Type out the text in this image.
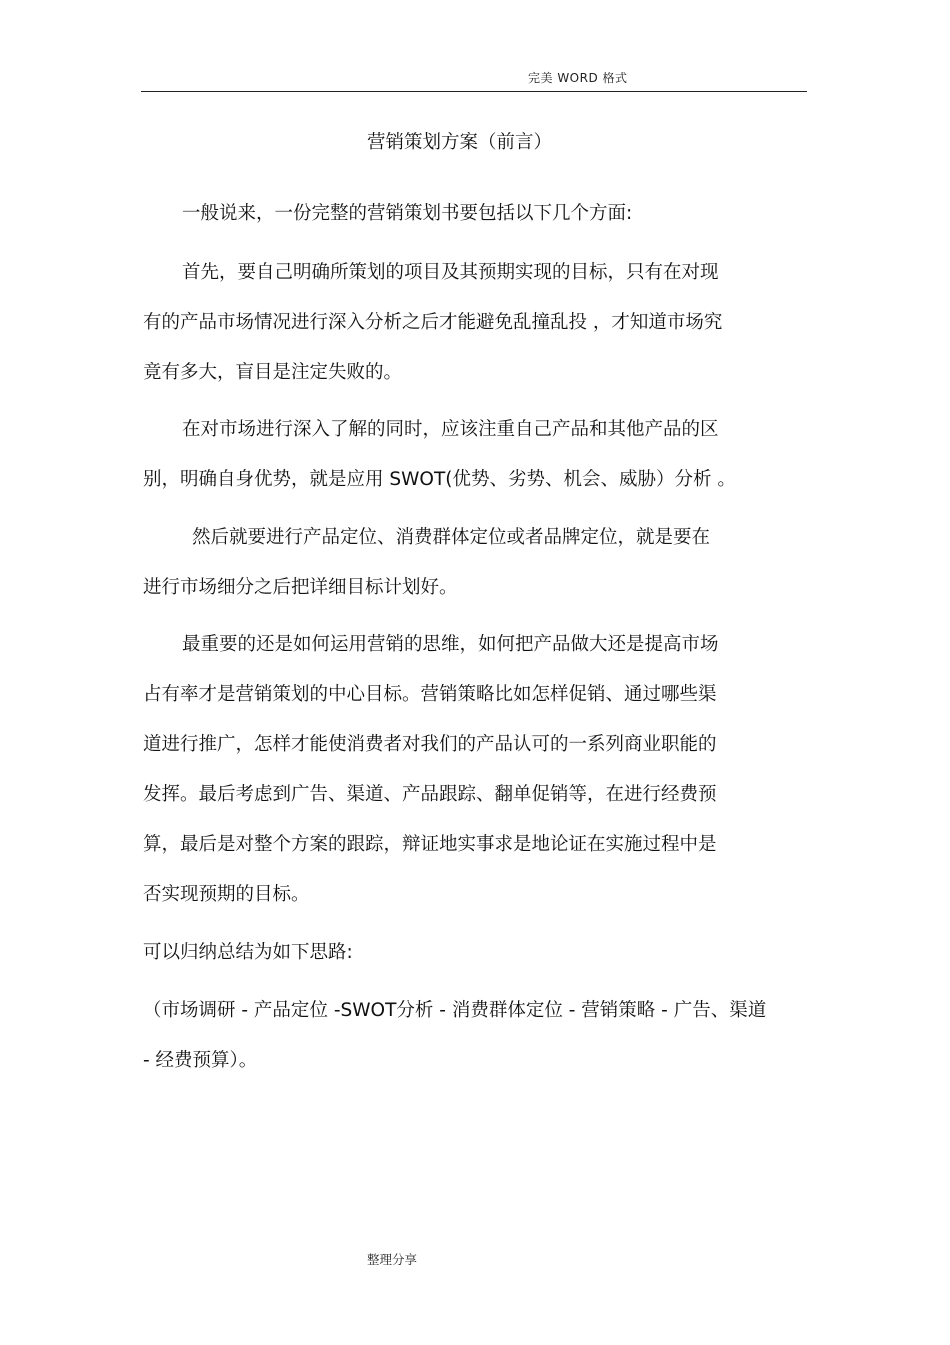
完美 WORD 格式
营销策划方案（前言）
一般说来，一份完整的营销策划书要包括以下几个方面:
首先，要自己明确所策划的项目及其预期实现的目标，只有在对现
有的产品市场情况进行深入分析之后才能避免乱撞乱投 ，才知道市场究
竟有多大，盲目是注定失败的。
在对市场进行深入了解的同时，应该注重自己产品和其他产品的区
别，明确自身优势，就是应用 SWOT(优势、劣势、机会、威胁）分析 。
然后就要进行产品定位、消费群体定位或者品牌定位，就是要在
进行市场细分之后把详细目标计划好。
最重要的还是如何运用营销的思维，如何把产品做大还是提高市场
占有率才是营销策划的中心目标。营销策略比如怎样促销、通过哪些渠
道进行推广，怎样才能使消费者对我们的产品认可的一系列商业职能的
发挥。最后考虑到广告、渠道、产品跟踪、翻单促销等，在进行经费预
算，最后是对整个方案的跟踪，辩证地实事求是地论证在实施过程中是
否实现预期的目标。
可以归纳总结为如下思路:
（市场调研 - 产品定位 -SWOT分析 - 消费群体定位 - 营销策略 - 广告、渠道
- 经费预算）。
整理分享
